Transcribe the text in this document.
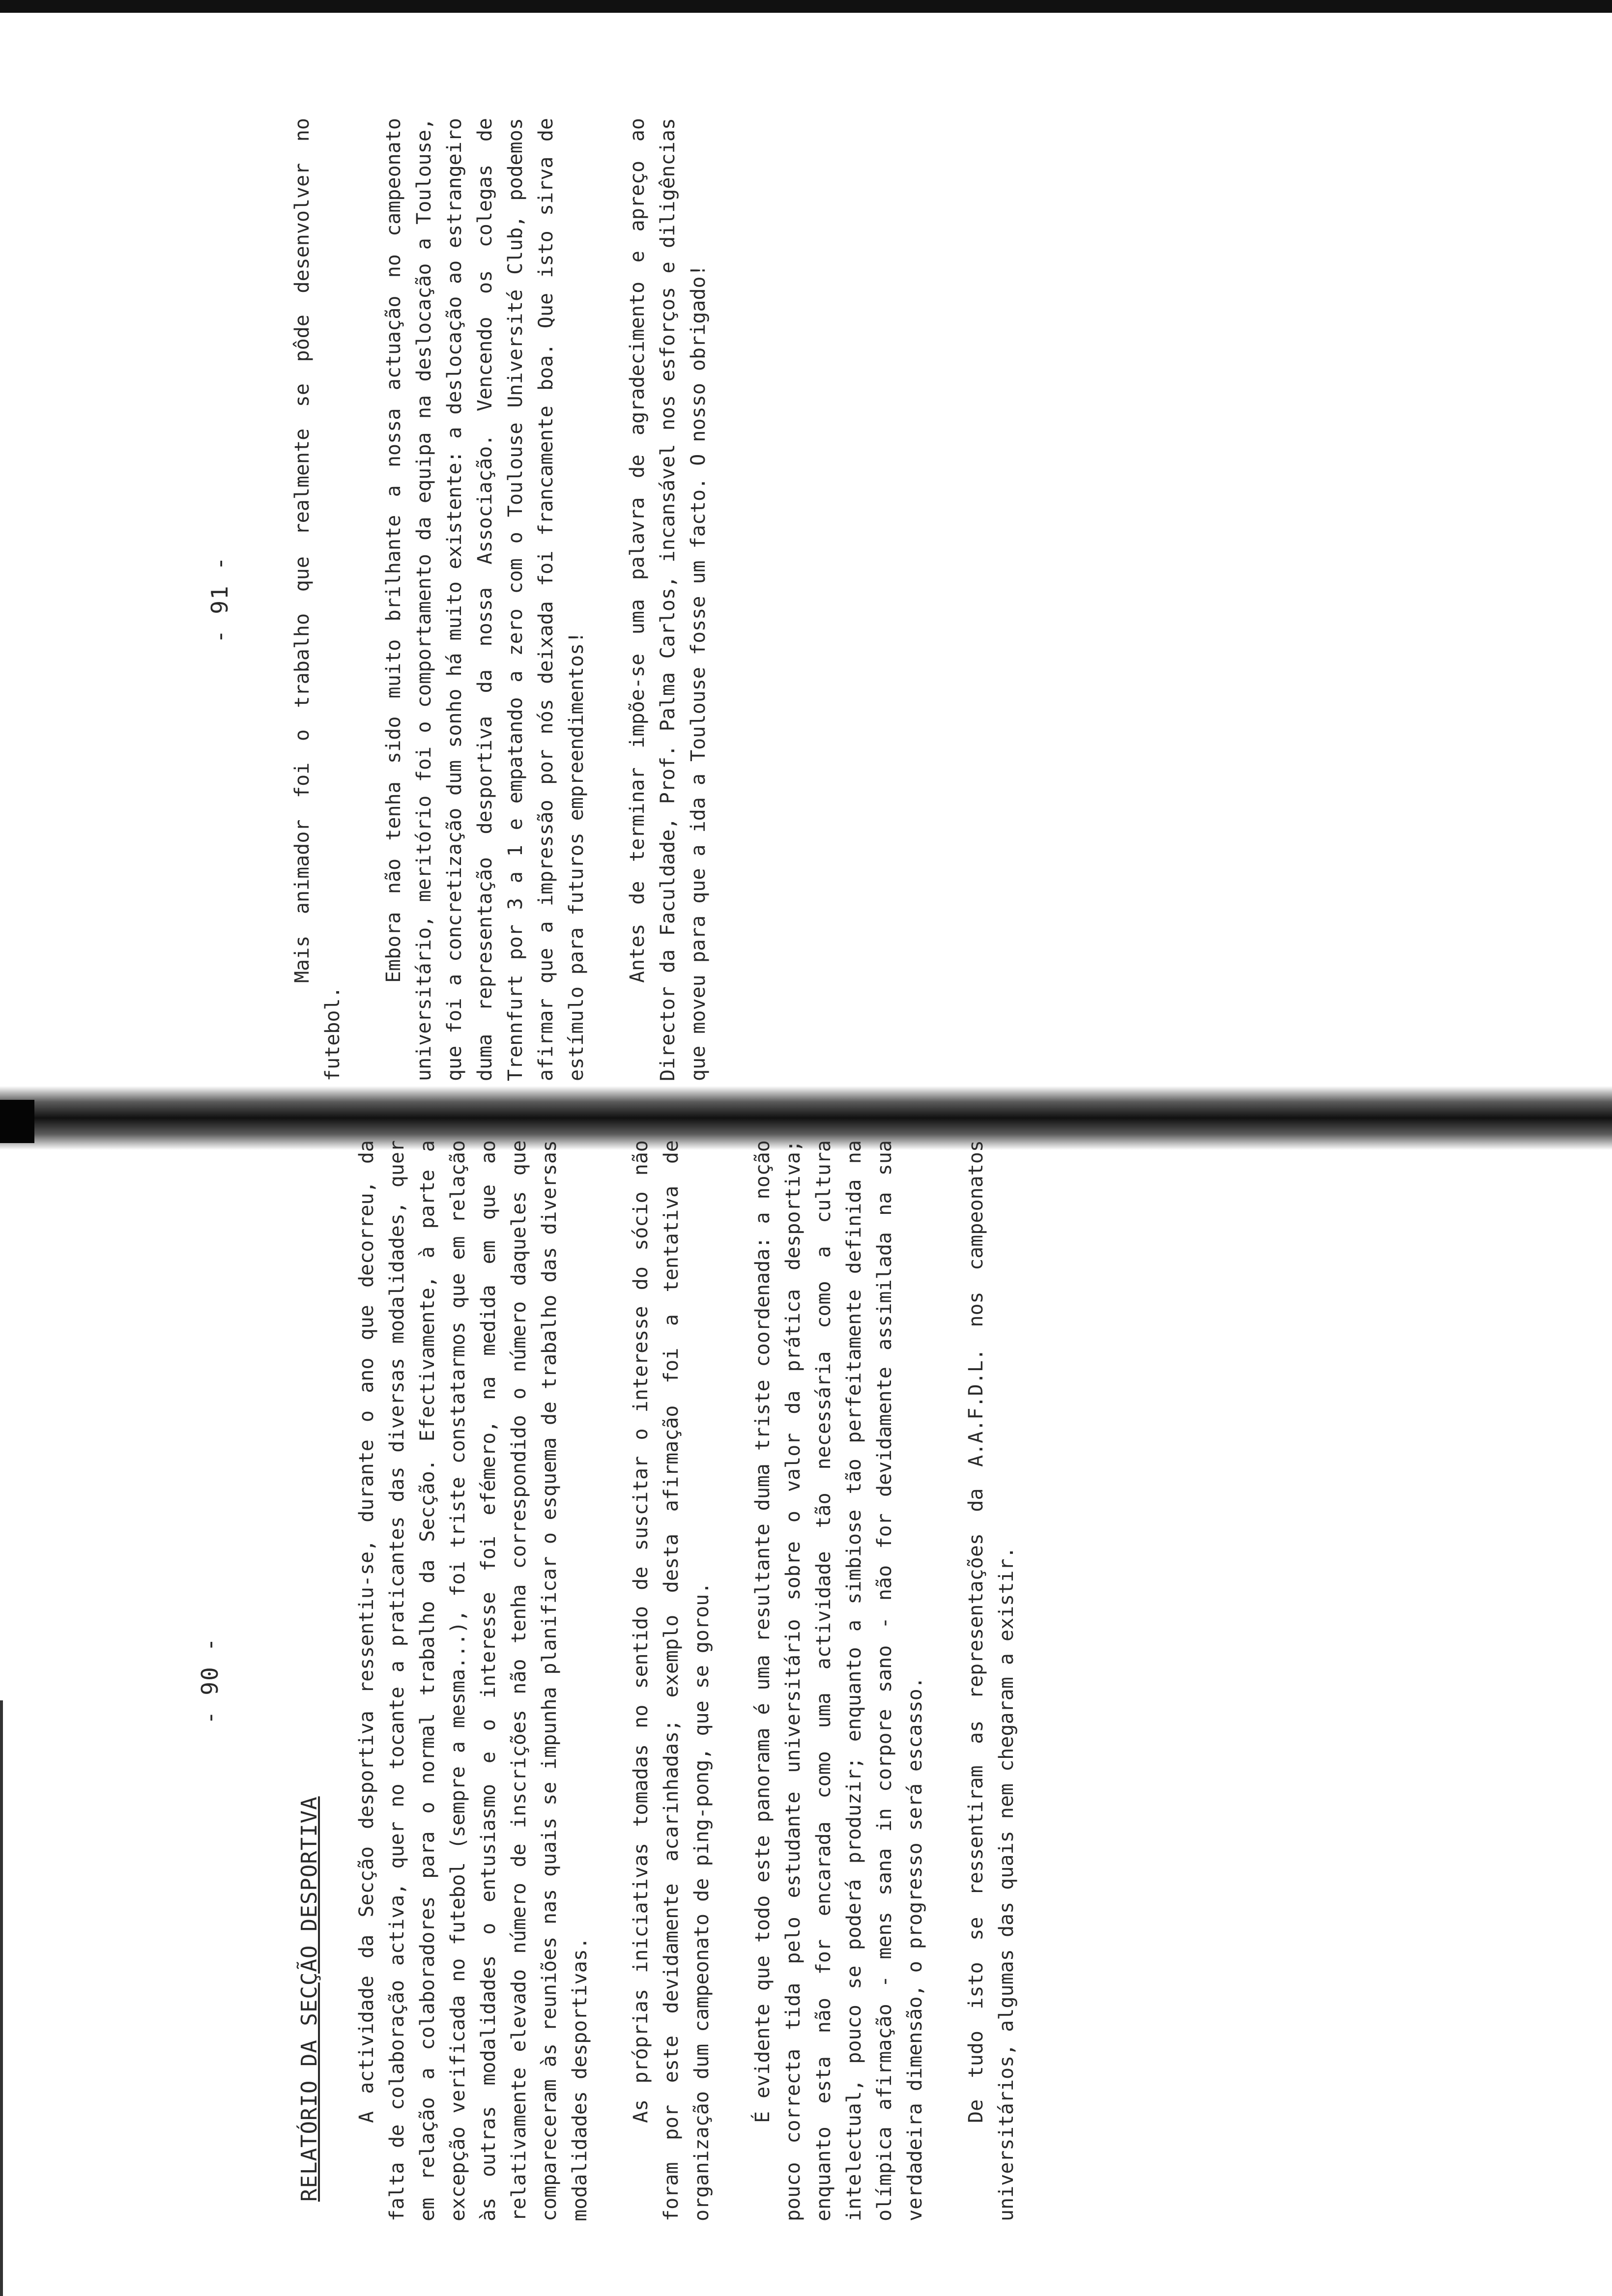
- 91 -	Mais animador foi o trabalho que realmente se pôde desenvolver no futebol.

Embora não tenha sido muito brilhante a nossa actuação no campeonato universitário, meritório foi o comportamento da equipa na deslocação a Toulouse, que foi a concretização dum sonho há muito existente: a deslocação ao estrangeiro duma representação desportiva da nossa Associação. Vencendo os colegas de Trennfurt por 3 a 1 e empatando a zero com o Toulouse Université Club, podemos afirmar que a impressão por nós deixada foi francamente boa. Que isto sirva de estímulo para futuros empreendimentos! Antes de terminar impõe-se uma palavra de agradecimento e apreço ao Director da Faculdade, Prof. Palma Carlos, incansável nos esforços e diligências que moveu para que a ida a Toulouse fosse um facto. O nosso obrigado!

- 90 -
RELATÓRIO DA SECÇÃO DESPORTIVA A actividade da Secção desportiva ressentiu-se, durante o ano que decorreu, da falta de colaboração activa, quer no tocante a praticantes das diversas modalidades, quer em relação a colaboradores para o normal trabalho da Secção. Efectivamente, à parte a excepção verificada no futebol (sempre a mesma...), foi triste constatarmos que em relação às outras modalidades o entusiasmo e o interesse foi efémero, na medida em que ao relativamente elevado número de inscrições não tenha correspondido o número daqueles que compareceram às reuniões nas quais se impunha planificar o esquema de trabalho das diversas modalidades desportivas. As próprias iniciativas tomadas no sentido de suscitar o interesse do sócio não foram por este devidamente acarinhadas; exemplo desta afirmação foi a tentativa de organização dum campeonato de ping-pong, que se gorou. É evidente que todo este panorama é uma resultante duma triste coordenada: a noção pouco correcta tida pelo estudante universitário sobre o valor da prática desportiva; enquanto esta não for encarada como uma actividade tão necessária como a cultura intelectual, pouco se poderá produzir; enquanto a simbiose tão perfeitamente definida na olímpica afirmação - mens sana in corpore sano - não for devidamente assimilada na sua verdadeira dimensão, o progresso será escasso. De tudo isto se ressentiram as representações da A.A.F.D.L. nos campeonatos universitários, algumas das quais nem chegaram a existir.
